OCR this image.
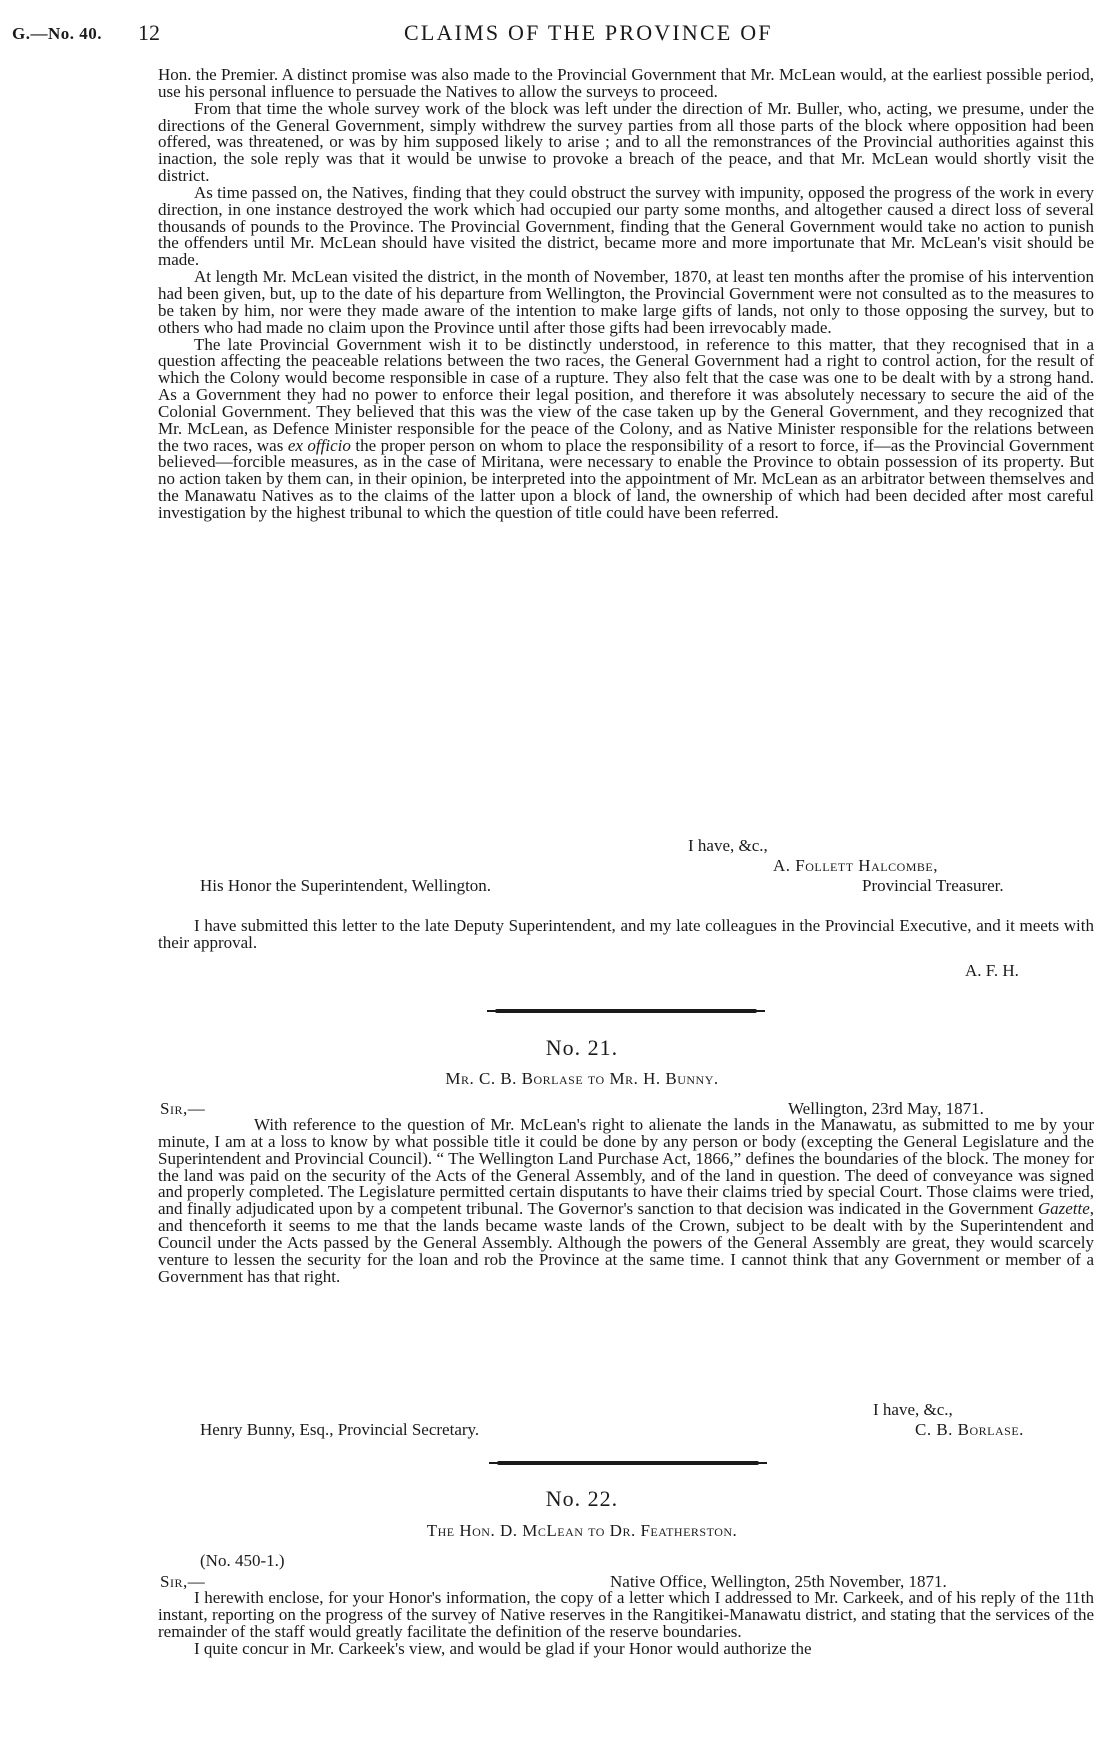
G.—No. 40. 12	CLAIMS OF THE PROVINCE OF

Hon. the Premier. A distinct promise was also made to the Provincial Government that Mr. McLean would, at the earliest possible period, use his personal influence to persuade the Natives to allow the surveys to proceed.

From that time the whole survey work of the block was left under the direction of Mr. Buller, who, acting, we presume, under the directions of the General Government, simply withdrew the survey parties from all those parts of the block where opposition had been offered, was threatened, or was by him supposed likely to arise ; and to all the remonstrances of the Provincial authorities against this inaction, the sole reply was that it would be unwise to provoke a breach of the peace, and that Mr. McLean would shortly visit the district.

As time passed on, the Natives, finding that they could obstruct the survey with impunity, opposed the progress of the work in every direction, in one instance destroyed the work which had occupied our party some months, and altogether caused a direct loss of several thousands of pounds to the Province. The Provincial Government, finding that the General Government would take no action to punish the offenders until Mr. McLean should have visited the district, became more and more importunate that Mr. McLean's visit should be made.

At length Mr. McLean visited the district, in the month of November, 1870, at least ten months after the promise of his intervention had been given, but, up to the date of his departure from Wellington, the Provincial Government were not consulted as to the measures to be taken by him, nor were they made aware of the intention to make large gifts of lands, not only to those opposing the survey, but to others who had made no claim upon the Province until after those gifts had been irrevocably made.

The late Provincial Government wish it to be distinctly understood, in reference to this matter, that they recognised that in a question affecting the peaceable relations between the two races, the General Government had a right to control action, for the result of which the Colony would become responsible in case of a rupture. They also felt that the case was one to be dealt with by a strong hand. As a Government they had no power to enforce their legal position, and therefore it was absolutely necessary to secure the aid of the Colonial Government. They believed that this was the view of the case taken up by the General Government, and they recognized that Mr. McLean, as Defence Minister responsible for the peace of the Colony, and as Native Minister responsible for the relations between the two races, was ex officio the proper person on whom to place the responsibility of a resort to force, if—as the Provincial Government believed—forcible measures, as in the case of Miritana, were necessary to enable the Province to obtain possession of its property. But no action taken by them can, in their opinion, be interpreted into the appointment of Mr. McLean as an arbitrator between themselves and the Manawatu Natives as to the claims of the latter upon a block of land, the ownership of which had been decided after most careful investigation by the highest tribunal to which the question of title could have been referred.

I have, &c.,
A. Follett Halcombe,
His Honor the Superintendent, Wellington.	Provincial Treasurer.

I have submitted this letter to the late Deputy Superintendent, and my late colleagues in the Provincial Executive, and it meets with their approval.

A. F. H.
No. 21.
Mr. C. B. Borlase to Mr. H. Bunny.
Sir,—	Wellington, 23rd May, 1871.

With reference to the question of Mr. McLean's right to alienate the lands in the Manawatu, as submitted to me by your minute, I am at a loss to know by what possible title it could be done by any person or body (excepting the General Legislature and the Superintendent and Provincial Council). “ The Wellington Land Purchase Act, 1866,” defines the boundaries of the block. The money for the land was paid on the security of the Acts of the General Assembly, and of the land in question. The deed of conveyance was signed and properly completed. The Legislature permitted certain disputants to have their claims tried by special Court. Those claims were tried, and finally adjudicated upon by a competent tribunal. The Governor's sanction to that decision was indicated in the Government Gazette, and thenceforth it seems to me that the lands became waste lands of the Crown, subject to be dealt with by the Superintendent and Council under the Acts passed by the General Assembly. Although the powers of the General Assembly are great, they would scarcely venture to lessen the security for the loan and rob the Province at the same time. I cannot think that any Government or member of a Government has that right.

I have, &c.,
Henry Bunny, Esq., Provincial Secretary.	C. B. Borlase.
No. 22.
The Hon. D. McLean to Dr. Featherston.
(No. 450-1.)
Sir,—	Native Office, Wellington, 25th November, 1871.

I herewith enclose, for your Honor's information, the copy of a letter which I addressed to Mr. Carkeek, and of his reply of the 11th instant, reporting on the progress of the survey of Native reserves in the Rangitikei-Manawatu district, and stating that the services of the remainder of the staff would greatly facilitate the definition of the reserve boundaries.

I quite concur in Mr. Carkeek's view, and would be glad if your Honor would authorize the
